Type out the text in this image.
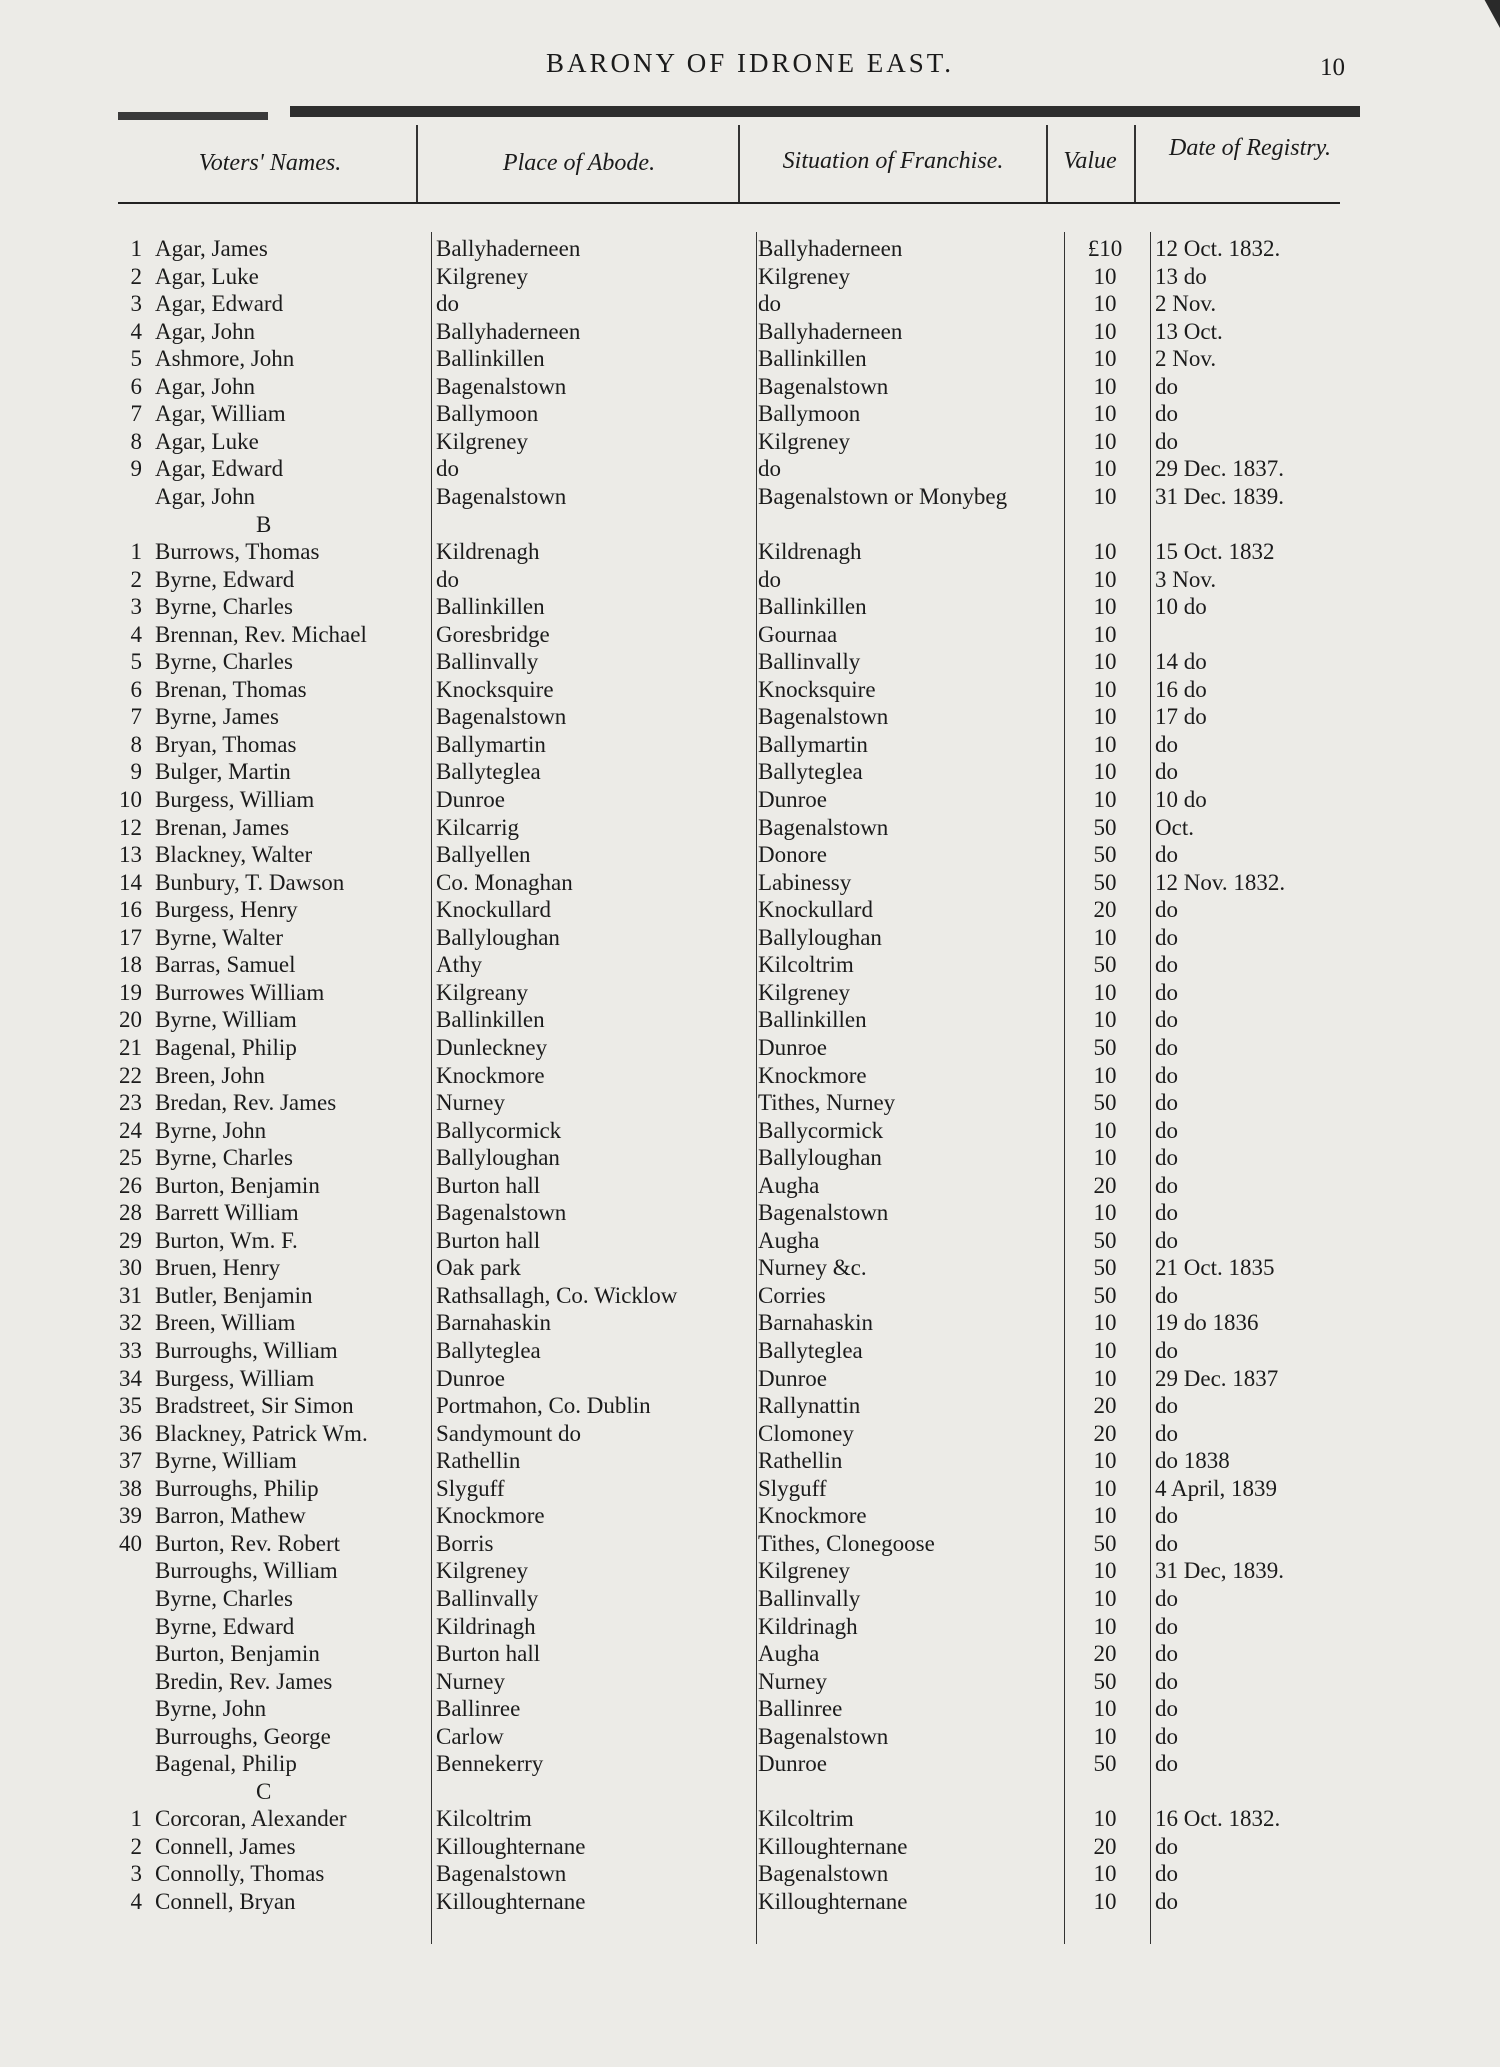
BARONY OF IDRONE EAST.	10
Voters' Names.	Place of Abode.	Situation of Franchise.	Value	Date of Registry.
1 Agar, James	Ballyhaderneen	Ballyhaderneen	£10	12 Oct. 1832.
2 Agar, Luke	Kilgreney	Kilgreney	10	13 do
3 Agar, Edward	do	do	10	2 Nov.
4 Agar, John	Ballyhaderneen	Ballyhaderneen	10	13 Oct.
5 Ashmore, John	Ballinkillen	Ballinkillen	10	2 Nov.
6 Agar, John	Bagenalstown	Bagenalstown	10	do
7 Agar, William	Ballymoon	Ballymoon	10	do
8 Agar, Luke	Kilgreney	Kilgreney	10	do
9 Agar, Edward	do	do	10	29 Dec. 1837.
Agar, John	Bagenalstown	Bagenalstown or Monybeg	10	31 Dec. 1839.
B
1 Burrows, Thomas	Kildrenagh	Kildrenagh	10	15 Oct. 1832
2 Byrne, Edward	do	do	10	3 Nov.
3 Byrne, Charles	Ballinkillen	Ballinkillen	10	10 do
4 Brennan, Rev. Michael	Goresbridge	Gournaa	10
5 Byrne, Charles	Ballinvally	Ballinvally	10	14 do
6 Brenan, Thomas	Knocksquire	Knocksquire	10	16 do
7 Byrne, James	Bagenalstown	Bagenalstown	10	17 do
8 Bryan, Thomas	Ballymartin	Ballymartin	10	do
9 Bulger, Martin	Ballyteglea	Ballyteglea	10	do
10 Burgess, William	Dunroe	Dunroe	10	10 do
12 Brenan, James	Kilcarrig	Bagenalstown	50	Oct.
13 Blackney, Walter	Ballyellen	Donore	50	do
14 Bunbury, T. Dawson	Co. Monaghan	Labinessy	50	12 Nov. 1832.
16 Burgess, Henry	Knockullard	Knockullard	20	do
17 Byrne, Walter	Ballyloughan	Ballyloughan	10	do
18 Barras, Samuel	Athy	Kilcoltrim	50	do
19 Burrowes William	Kilgreany	Kilgreney	10	do
20 Byrne, William	Ballinkillen	Ballinkillen	10	do
21 Bagenal, Philip	Dunleckney	Dunroe	50	do
22 Breen, John	Knockmore	Knockmore	10	do
23 Bredan, Rev. James	Nurney	Tithes, Nurney	50	do
24 Byrne, John	Ballycormick	Ballycormick	10	do
25 Byrne, Charles	Ballyloughan	Ballyloughan	10	do
26 Burton, Benjamin	Burton hall	Augha	20	do
28 Barrett William	Bagenalstown	Bagenalstown	10	do
29 Burton, Wm. F.	Burton hall	Augha	50	do
30 Bruen, Henry	Oak park	Nurney &c.	50	21 Oct. 1835
31 Butler, Benjamin	Rathsallagh, Co. Wicklow	Corries	50	do
32 Breen, William	Barnahaskin	Barnahaskin	10	19 do 1836
33 Burroughs, William	Ballyteglea	Ballyteglea	10	do
34 Burgess, William	Dunroe	Dunroe	10	29 Dec. 1837
35 Bradstreet, Sir Simon	Portmahon, Co. Dublin	Rallynattin	20	do
36 Blackney, Patrick Wm.	Sandymount do	Clomoney	20	do
37 Byrne, William	Rathellin	Rathellin	10	do 1838
38 Burroughs, Philip	Slyguff	Slyguff	10	4 April, 1839
39 Barron, Mathew	Knockmore	Knockmore	10	do
40 Burton, Rev. Robert	Borris	Tithes, Clonegoose	50	do
Burroughs, William	Kilgreney	Kilgreney	10	31 Dec, 1839.
Byrne, Charles	Ballinvally	Ballinvally	10	do
Byrne, Edward	Kildrinagh	Kildrinagh	10	do
Burton, Benjamin	Burton hall	Augha	20	do
Bredin, Rev. James	Nurney	Nurney	50	do
Byrne, John	Ballinree	Ballinree	10	do
Burroughs, George	Carlow	Bagenalstown	10	do
Bagenal, Philip	Bennekerry	Dunroe	50	do
C
1 Corcoran, Alexander	Kilcoltrim	Kilcoltrim	10	16 Oct. 1832.
2 Connell, James	Killoughternane	Killoughternane	20	do
3 Connolly, Thomas	Bagenalstown	Bagenalstown	10	do
4 Connell, Bryan	Killoughternane	Killoughternane	10	do
